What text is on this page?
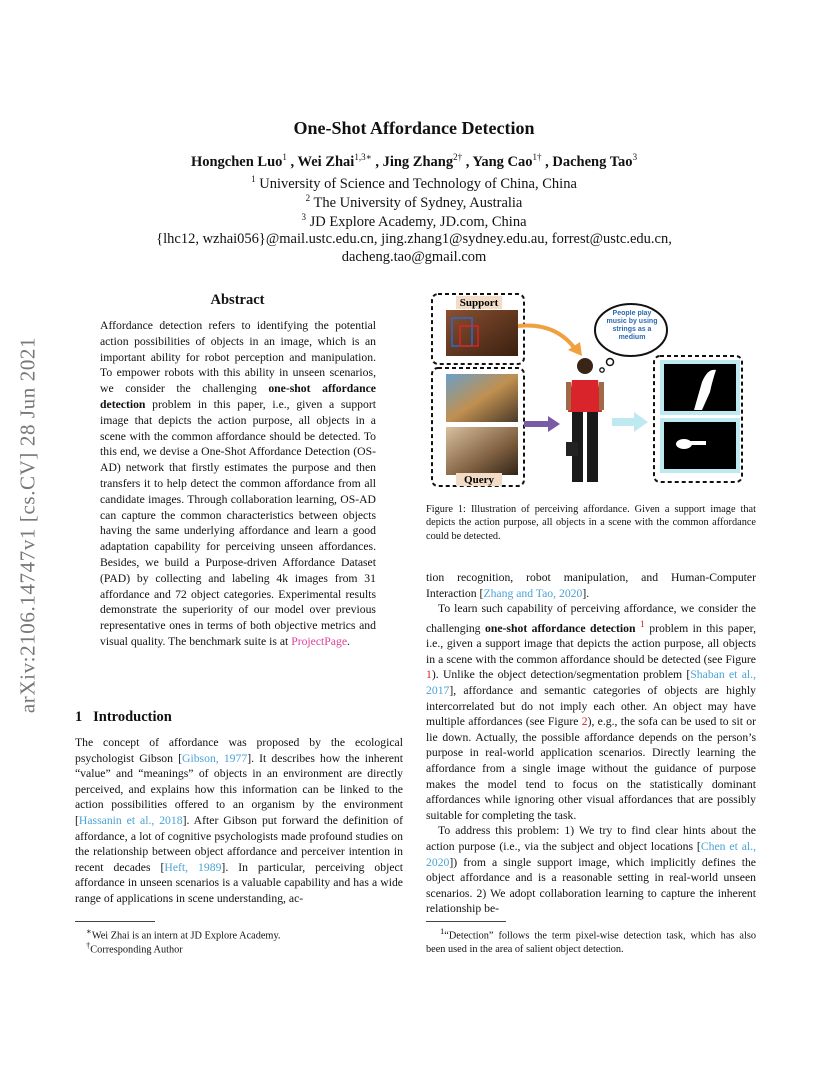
arXiv:2106.14747v1 [cs.CV] 28 Jun 2021
One-Shot Affordance Detection
Hongchen Luo$^1$ , Wei Zhai$^{1,3∗}$ , Jing Zhang$^{2\dagger}$ , Yang Cao$^{1\dagger}$ , Dacheng Tao$^3$
$^1$ University of Science and Technology of China, China
$^2$ The University of Sydney, Australia
$^3$ JD Explore Academy, JD.com, China
{lhc12, wzhai056}@mail.ustc.edu.cn, jing.zhang1@sydney.edu.au, forrest@ustc.edu.cn,
dacheng.tao@gmail.com
Abstract
Affordance detection refers to identifying the potential action possibilities of objects in an image, which is an important ability for robot perception and manipulation. To empower robots with this ability in unseen scenarios, we consider the challenging one-shot affordance detection problem in this paper, i.e., given a support image that depicts the action purpose, all objects in a scene with the common affordance should be detected. To this end, we devise a One-Shot Affordance Detection (OS-AD) network that firstly estimates the purpose and then transfers it to help detect the common affordance from all candidate images. Through collaboration learning, OS-AD can capture the common characteristics between objects having the same underlying affordance and learn a good adaptation capability for perceiving unseen affordances. Besides, we build a Purpose-driven Affordance Dataset (PAD) by collecting and labeling 4k images from 31 affordance and 72 object categories. Experimental results demonstrate the superiority of our model over previous representative ones in terms of both objective metrics and visual quality. The benchmark suite is at ProjectPage.
1 Introduction

The concept of affordance was proposed by the ecological psychologist Gibson [Gibson, 1977]. It describes how the inherent “value” and “meanings” of objects in an environment are directly perceived, and explains how this information can be linked to the action possibilities offered to an organism by the environment [Hassanin et al., 2018]. After Gibson put forward the definition of affordance, a lot of cognitive psychologists made profound studies on the relationship between object affordance and perceiver intention in recent decades [Heft, 1989]. In particular, perceiving object affordance in unseen scenarios is a valuable capability and has a wide range of applications in scene understanding, ac-

Support
Query
People play music by using strings as a medium
Figure 1: Illustration of perceiving affordance. Given a support image that depicts the action purpose, all objects in a scene with the common affordance could be detected.

tion recognition, robot manipulation, and Human-Computer Interaction [Zhang and Tao, 2020].

To learn such capability of perceiving affordance, we consider the challenging one-shot affordance detection $^1$ problem in this paper, i.e., given a support image that depicts the action purpose, all objects in a scene with the common affordance should be detected (see Figure 1). Unlike the object detection/segmentation problem [Shaban et al., 2017], affordance and semantic categories of objects are highly intercorrelated but do not imply each other. An object may have multiple affordances (see Figure 2), e.g., the sofa can be used to sit or lie down. Actually, the possible affordance depends on the person’s purpose in real-world application scenarios. Directly learning the affordance from a single image without the guidance of purpose makes the model tend to focus on the statistically dominant affordances while ignoring other visual affordances that are possibly suitable for completing the task.

To address this problem: 1) We try to find clear hints about the action purpose (i.e., via the subject and object locations [Chen et al., 2020]) from a single support image, which implicitly defines the object affordance and is a reasonable setting in real-world unseen scenarios. 2) We adopt collaboration learning to capture the inherent relationship be-

∗Wei Zhai is an intern at JD Explore Academy.
†Corresponding Author
$^1$“Detection” follows the term pixel-wise detection task, which has also been used in the area of salient object detection.
